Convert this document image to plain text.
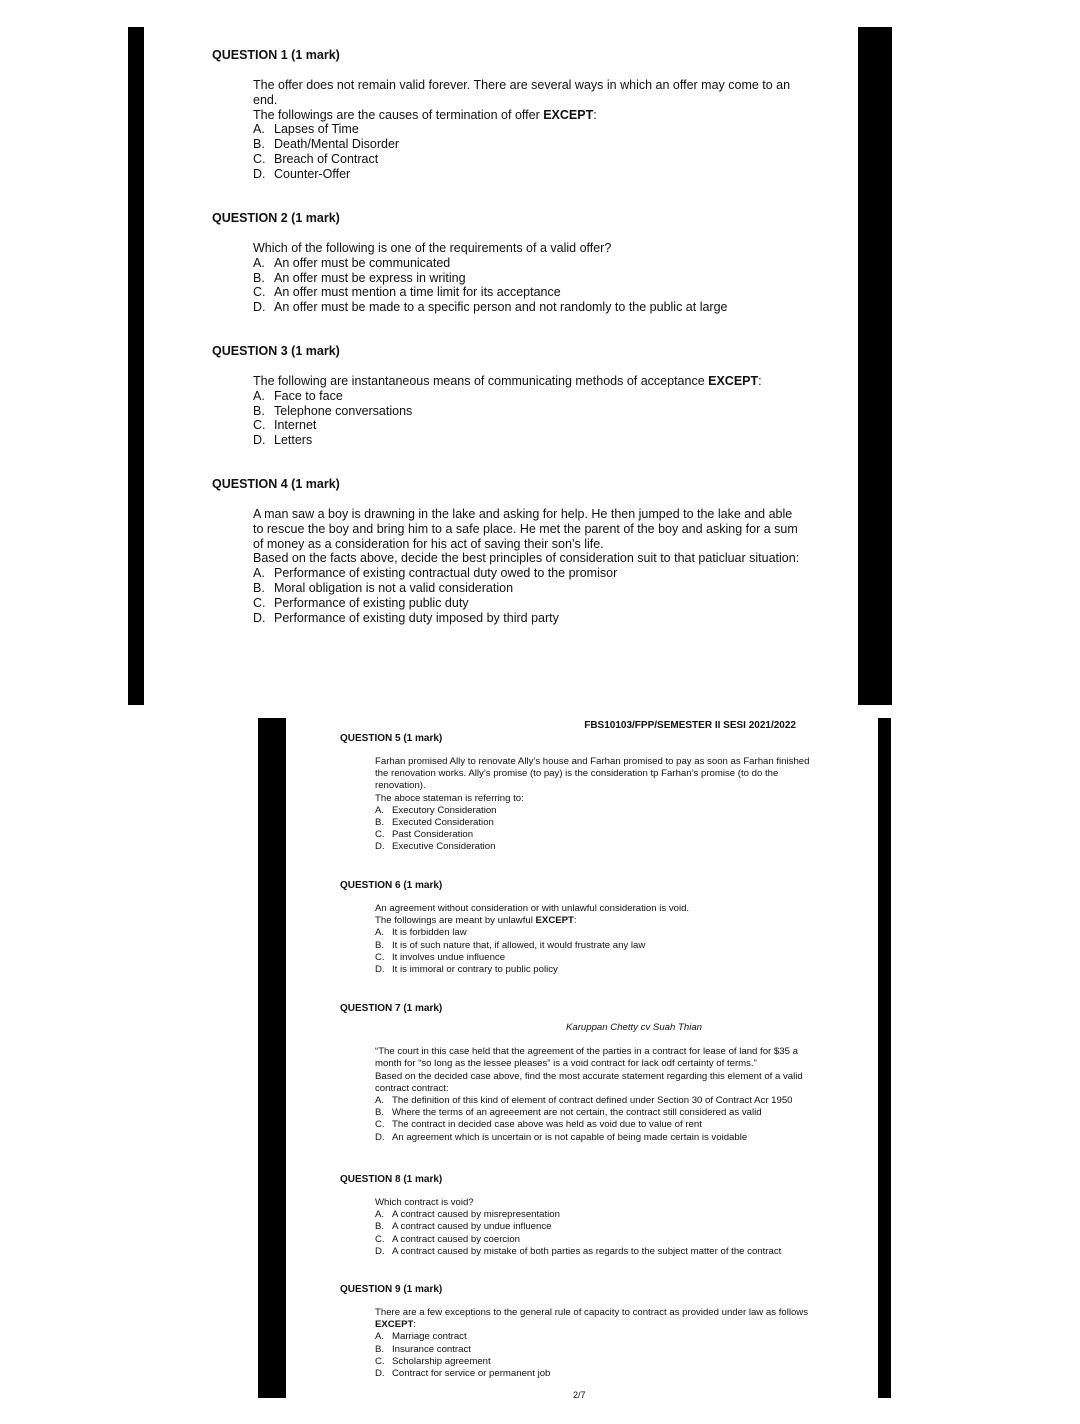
QUESTION 1 (1 mark)
The offer does not remain valid forever. There are several ways in which an offer may come to an end.
The followings are the causes of termination of offer EXCEPT:
A. Lapses of Time
B. Death/Mental Disorder
C. Breach of Contract
D. Counter-Offer
QUESTION 2 (1 mark)
Which of the following is one of the requirements of a valid offer?
A. An offer must be communicated
B. An offer must be express in writing
C. An offer must mention a time limit for its acceptance
D. An offer must be made to a specific person and not randomly to the public at large
QUESTION 3 (1 mark)
The following are instantaneous means of communicating methods of acceptance EXCEPT:
A. Face to face
B. Telephone conversations
C. Internet
D. Letters
QUESTION 4 (1 mark)
A man saw a boy is drawning in the lake and asking for help. He then jumped to the lake and able to rescue the boy and bring him to a safe place. He met the parent of the boy and asking for a sum of money as a consideration for his act of saving their son’s life.
Based on the facts above, decide the best principles of consideration suit to that paticluar situation:
A. Performance of existing contractual duty owed to the promisor
B. Moral obligation is not a valid consideration
C. Performance of existing public duty
D. Performance of existing duty imposed by third party
FBS10103/FPP/SEMESTER II SESI 2021/2022
QUESTION 5 (1 mark)
Farhan promised Ally to renovate Ally’s house and Farhan promised to pay as soon as Farhan finished the renovation works. Ally’s promise (to pay) is the consideration tp Farhan’s promise (to do the renovation).
The aboce stateman is referring to:
A. Executory Consideration
B. Executed Consideration
C. Past Consideration
D. Executive Consideration
QUESTION 6 (1 mark)
An agreement without consideration or with unlawful consideration is void.
The followings are meant by unlawful EXCEPT:
A. It is forbidden law
B. It is of such nature that, if allowed, it would frustrate any law
C. It involves undue influence
D. It is immoral or contrary to public policy
QUESTION 7 (1 mark)
Karuppan Chetty cv Suah Thian
“The court in this case held that the agreement of the parties in a contract for lease of land for $35 a month for “so long as the lessee pleases” is a void contract for lack odf certainty of terms.”
Based on the decided case above, find the most accurate statement regarding this element of a valid contract contract:
A. The definition of this kind of element of contract defined under Section 30 of Contract Acr 1950
B. Where the terms of an agreeement are not certain, the contract still considered as valid
C. The contract in decided case above was held as void due to value of rent
D. An agreement which is uncertain or is not capable of being made certain is voidable
QUESTION 8 (1 mark)
Which contract is void?
A. A contract caused by misrepresentation
B. A contract caused by undue influence
C. A contract caused by coercion
D. A contract caused by mistake of both parties as regards to the subject matter of the contract
QUESTION 9 (1 mark)
There are a few exceptions to the general rule of capacity to contract as provided under law as follows EXCEPT:
A. Marriage contract
B. Insurance contract
C. Scholarship agreement
D. Contract for service or permanent job
2/7
